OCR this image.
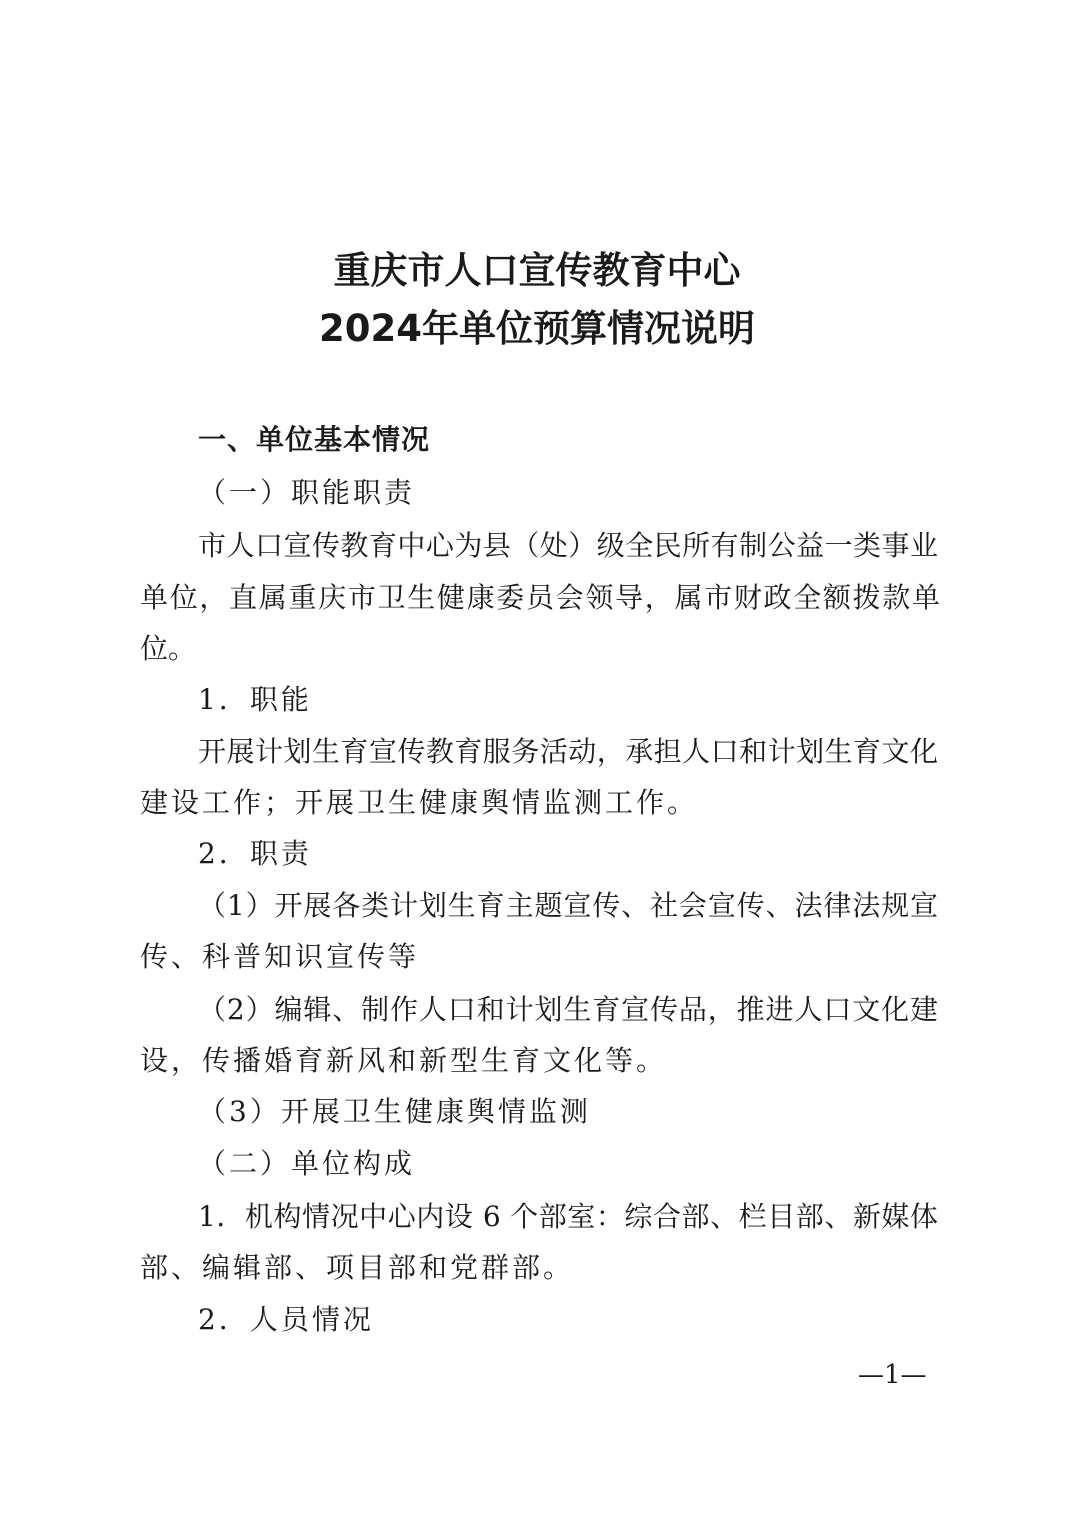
重庆市人口宣传教育中心
2024年单位预算情况说明
一、单位基本情况
（一）职能职责
市人口宣传教育中心为县（处）级全民所有制公益一类事业
单位，直属重庆市卫生健康委员会领导，属市财政全额拨款单
位。
1．职能
开展计划生育宣传教育服务活动，承担人口和计划生育文化
建设工作；开展卫生健康舆情监测工作。
2．职责
（1）开展各类计划生育主题宣传、社会宣传、法律法规宣
传、科普知识宣传等
（2）编辑、制作人口和计划生育宣传品，推进人口文化建
设，传播婚育新风和新型生育文化等。
（3）开展卫生健康舆情监测
（二）单位构成
1．机构情况中心内设 6 个部室：综合部、栏目部、新媒体
部、编辑部、项目部和党群部。
2．人员情况
—1—
